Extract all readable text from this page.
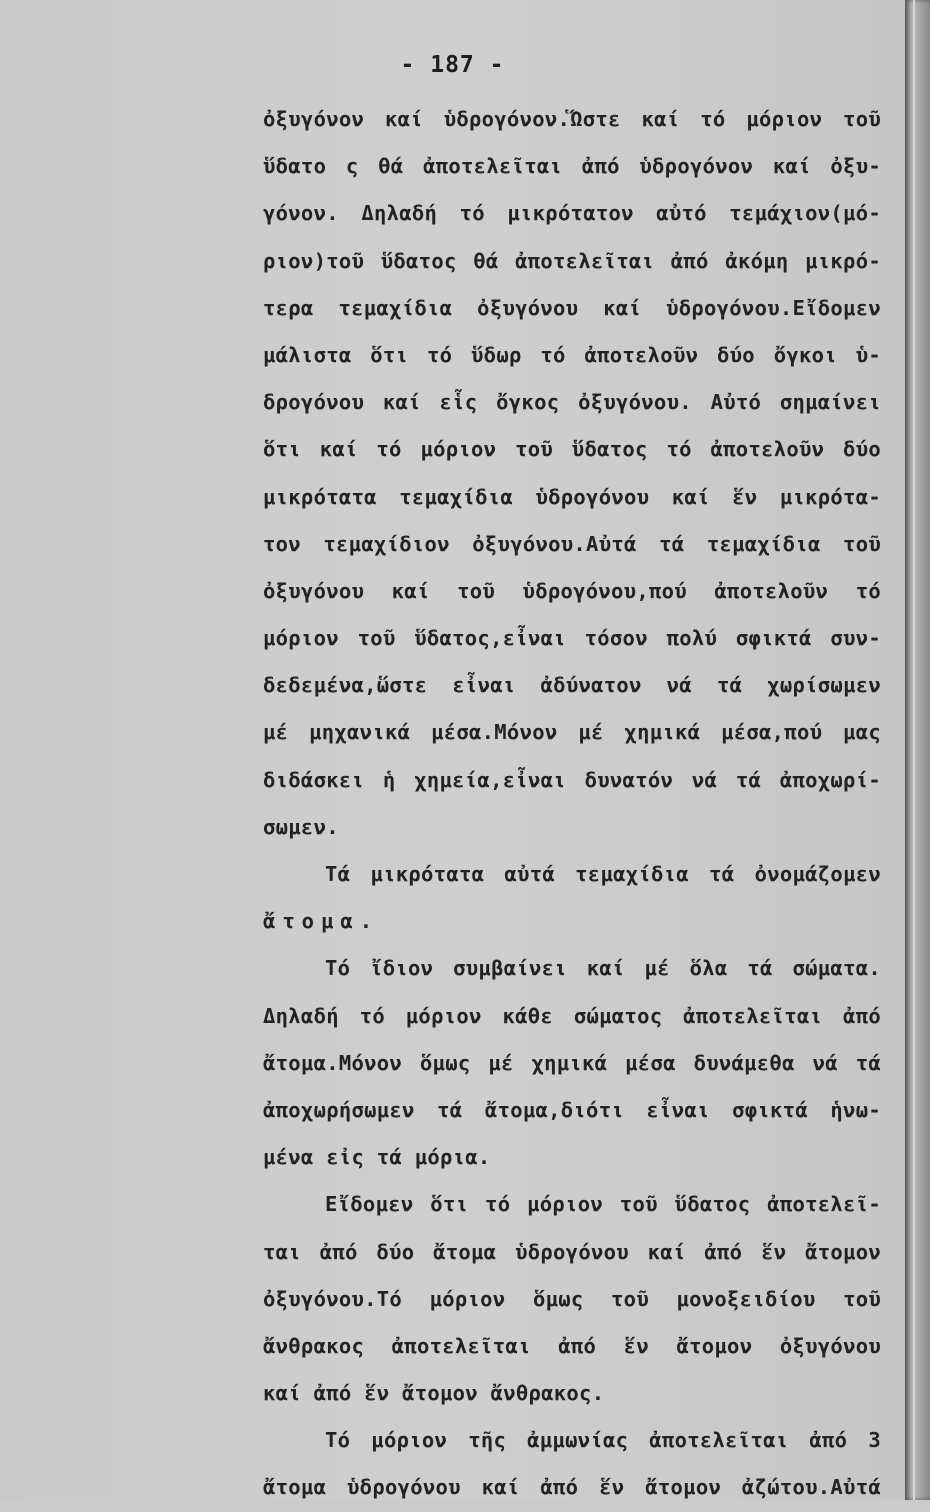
- 187 -
ὀξυγόνον καί ὑδρογόνον.Ὥστε καί τό μόριον τοῦ
ὕδατο ς θά ἀποτελεῖται ἀπό ὑδρογόνον καί ὀξυ-
γόνον. Δηλαδή τό μικρότατον αὐτό τεμάχιον(μό-
ριον)τοῦ ὕδατος θά ἀποτελεῖται ἀπό ἀκόμη μικρό-
τερα τεμαχίδια ὀξυγόνου καί ὑδρογόνου.Εἴδομεν
μάλιστα ὅτι τό ὕδωρ τό ἀποτελοῦν δύο ὄγκοι ὑ-
δρογόνου καί εἷς ὄγκος ὀξυγόνου. Αὐτό σημαίνει
ὅτι καί τό μόριον τοῦ ὕδατος τό ἀποτελοῦν δύο
μικρότατα τεμαχίδια ὑδρογόνου καί ἕν μικρότα-
τον τεμαχίδιον ὀξυγόνου.Αὐτά τά τεμαχίδια τοῦ
ὀξυγόνου καί τοῦ ὑδρογόνου,πού ἀποτελοῦν τό
μόριον τοῦ ὕδατος,εἶναι τόσον πολύ σφικτά συν-
δεδεμένα,ὥστε εἶναι ἀδύνατον νά τά χωρίσωμεν
μέ μηχανικά μέσα.Μόνον μέ χημικά μέσα,πού μας
διδάσκει ἡ χημεία,εἶναι δυνατόν νά τά ἀποχωρί-
σωμεν.
Τά μικρότατα αὐτά τεμαχίδια τά ὀνομάζομεν
ἄτομα.
Τό ἴδιον συμβαίνει καί μέ ὅλα τά σώματα.
Δηλαδή τό μόριον κάθε σώματος ἀποτελεῖται ἀπό
ἄτομα.Μόνον ὅμως μέ χημικά μέσα δυνάμεθα νά τά
ἀποχωρήσωμεν τά ἄτομα,διότι εἶναι σφικτά ἡνω-
μένα εἰς τά μόρια.
Εἴδομεν ὅτι τό μόριον τοῦ ὕδατος ἀποτελεῖ-
ται ἀπό δύο ἄτομα ὑδρογόνου καί ἀπό ἕν ἄτομον
ὀξυγόνου.Τό μόριον ὅμως τοῦ μονοξειδίου τοῦ
ἄνθρακος ἀποτελεῖται ἀπό ἕν ἄτομον ὀξυγόνου
καί ἀπό ἕν ἄτομον ἄνθρακος.
Τό μόριον τῆς ἀμμωνίας ἀποτελεῖται ἀπό 3
ἄτομα ὑδρογόνου καί ἀπό ἕν ἄτομον ἀζώτου.Αὐτά
